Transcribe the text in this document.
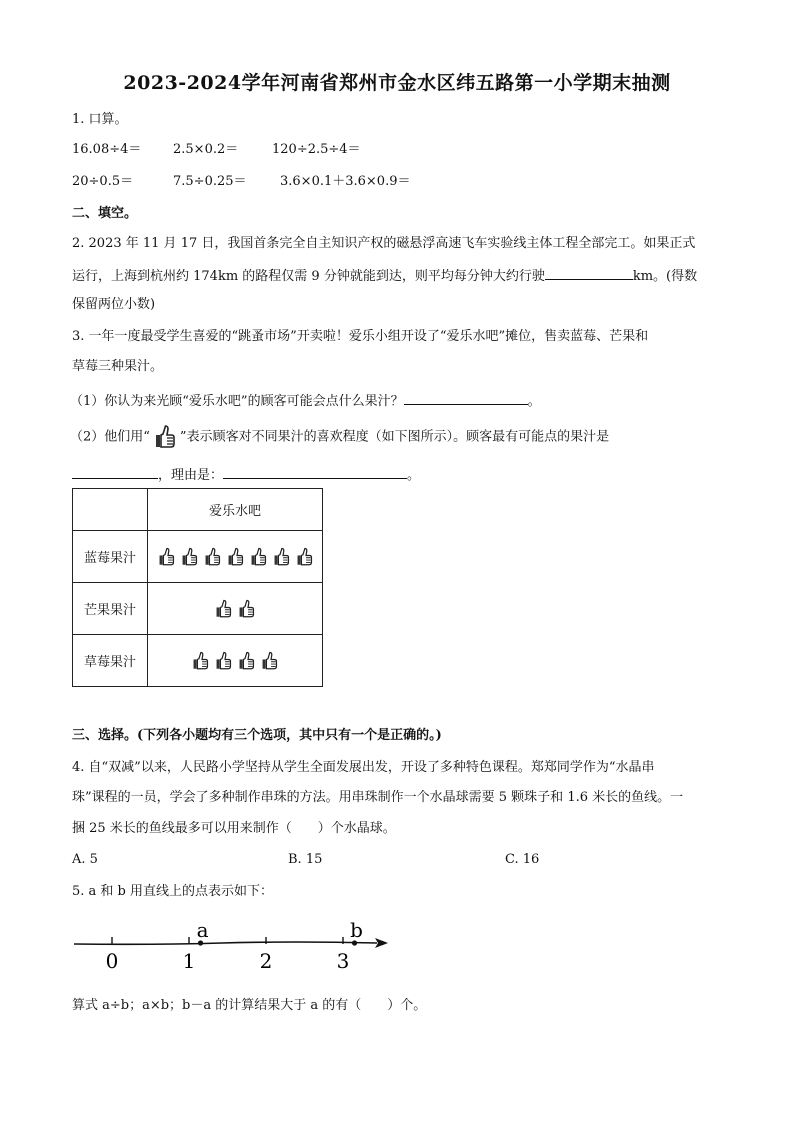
2023-2024学年河南省郑州市金水区纬五路第一小学期末抽测
1. 口算。
16.08÷4＝ 2.5×0.2＝	120÷2.5÷4＝
20÷0.5＝	7.5÷0.25＝	3.6×0.1＋3.6×0.9＝
二、填空。
2. 2023 年 11 月 17 日，我国首条完全自主知识产权的磁悬浮高速飞车实验线主体工程全部完工。如果正式
运行，上海到杭州约 174km 的路程仅需 9 分钟就能到达，则平均每分钟大约行驶	km。(得数
保留两位小数)
3. 一年一度最受学生喜爱的“跳蚤市场”开卖啦！爱乐小组开设了“爱乐水吧”摊位，售卖蓝莓、芒果和
草莓三种果汁。
（1）你认为来光顾“爱乐水吧”的顾客可能会点什么果汁？	。
（2）他们用“ ”表示顾客对不同果汁的喜欢程度（如下图所示）。顾客最有可能点的果汁是
，理由是：	。
	爱乐水吧
蓝莓果汁	

芒果果汁	

草莓果汁	
三、选择。(下列各小题均有三个选项，其中只有一个是正确的。)
4. 自“双减”以来，人民路小学坚持从学生全面发展出发，开设了多种特色课程。郑郑同学作为“水晶串
珠”课程的一员，学会了多种制作串珠的方法。用串珠制作一个水晶球需要 5 颗珠子和 1.6 米长的鱼线。一
捆 25 米长的鱼线最多可以用来制作（　　）个水晶球。
A. 5	B. 15	C. 16
5. a 和 b 用直线上的点表示如下：
0	1	2	3
a	b
算式 a÷b；a×b；b－a 的计算结果大于 a 的有（　　）个。
